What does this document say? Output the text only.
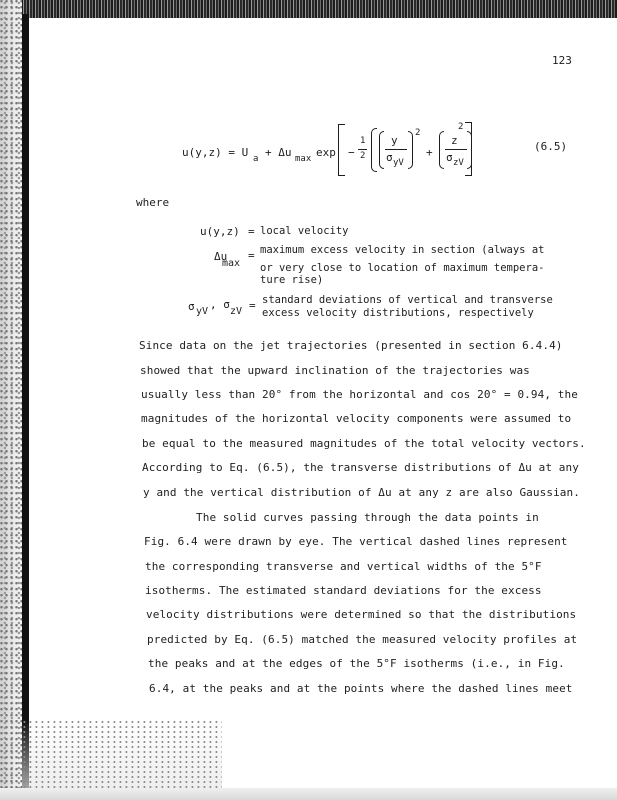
123
u(y,z) = U a + Δu max exp −
1
2
y
σ yV
2
+
z
σ zV
2
(6.5)
where
u(y,z) = local velocity
Δu
max
= maximum excess velocity in section (always at
or very close to location of maximum tempera-
ture rise)
σ yV
, σ
zV = standard deviations of vertical and transverse
excess velocity distributions, respectively
Since data on the jet trajectories (presented in section 6.4.4)
showed that the upward inclination of the trajectories was
usually less than 20° from the horizontal and cos 20° = 0.94, the
magnitudes of the horizontal velocity components were assumed to
be equal to the measured magnitudes of the total velocity vectors.
According to Eq. (6.5), the transverse distributions of Δu at any
y and the vertical distribution of Δu at any z are also Gaussian.
The solid curves passing through the data points in
Fig. 6.4 were drawn by eye. The vertical dashed lines represent
the corresponding transverse and vertical widths of the 5°F
isotherms. The estimated standard deviations for the excess
velocity distributions were determined so that the distributions
predicted by Eq. (6.5) matched the measured velocity profiles at
the peaks and at the edges of the 5°F isotherms (i.e., in Fig.
6.4, at the peaks and at the points where the dashed lines meet
